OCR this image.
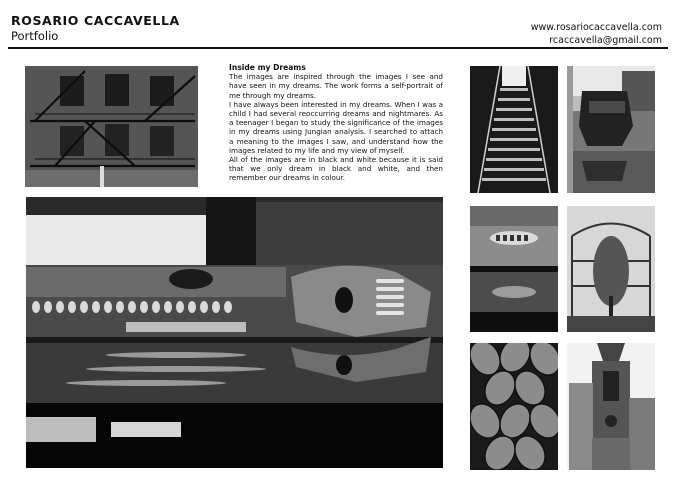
ROSARIO CACCAVELLA
Portfolio
www.rosariocaccavella.com
rcaccavella@gmail.com
Inside my Dreams

The images are inspired through the images I see and have seen in my dreams. The work forms a self-portrait of me through my dreams.

I have always been interested in my dreams. When I was a child I had several reoccurring dreams and nightmares. As a teenager I began to study the significance of the images in my dreams using Jungian analysis. I searched to attach a meaning to the images I saw, and understand how the images related to my life and my view of myself.

All of the images are in black and white because it is said that we only dream in black and white, and then remember our dreams in colour.
